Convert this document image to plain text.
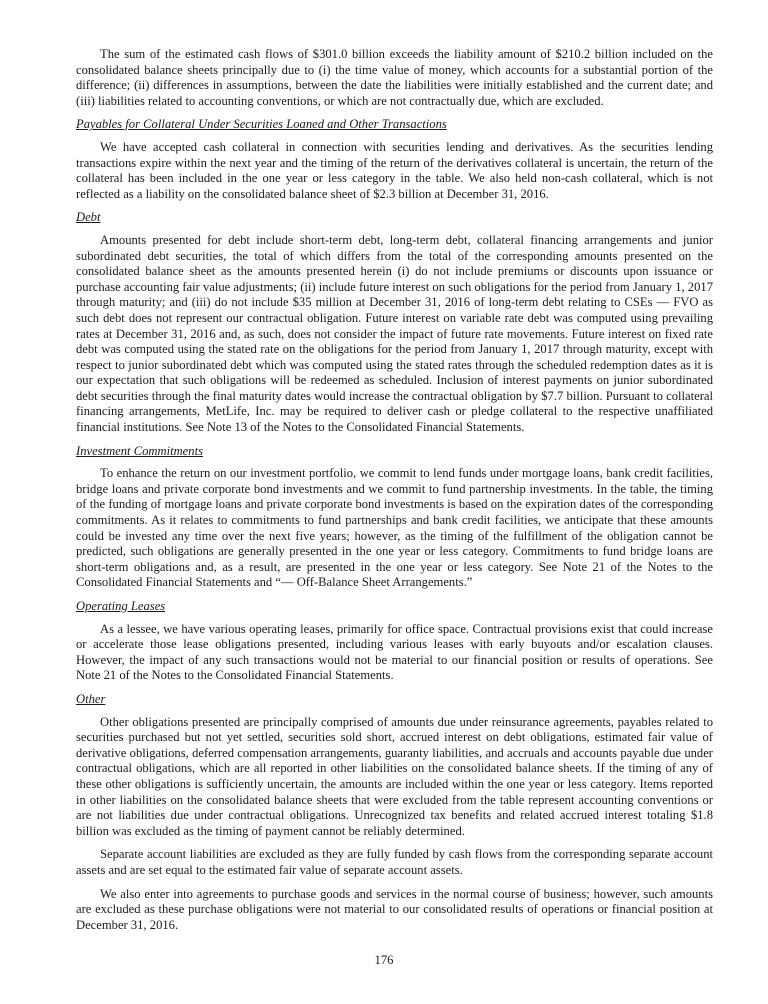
The sum of the estimated cash flows of $301.0 billion exceeds the liability amount of $210.2 billion included on the consolidated balance sheets principally due to (i) the time value of money, which accounts for a substantial portion of the difference; (ii) differences in assumptions, between the date the liabilities were initially established and the current date; and (iii) liabilities related to accounting conventions, or which are not contractually due, which are excluded.

Payables for Collateral Under Securities Loaned and Other Transactions

We have accepted cash collateral in connection with securities lending and derivatives. As the securities lending transactions expire within the next year and the timing of the return of the derivatives collateral is uncertain, the return of the collateral has been included in the one year or less category in the table. We also held non-cash collateral, which is not reflected as a liability on the consolidated balance sheet of $2.3 billion at December 31, 2016.

Debt

Amounts presented for debt include short-term debt, long-term debt, collateral financing arrangements and junior subordinated debt securities, the total of which differs from the total of the corresponding amounts presented on the consolidated balance sheet as the amounts presented herein (i) do not include premiums or discounts upon issuance or purchase accounting fair value adjustments; (ii) include future interest on such obligations for the period from January 1, 2017 through maturity; and (iii) do not include $35 million at December 31, 2016 of long-term debt relating to CSEs — FVO as such debt does not represent our contractual obligation. Future interest on variable rate debt was computed using prevailing rates at December 31, 2016 and, as such, does not consider the impact of future rate movements. Future interest on fixed rate debt was computed using the stated rate on the obligations for the period from January 1, 2017 through maturity, except with respect to junior subordinated debt which was computed using the stated rates through the scheduled redemption dates as it is our expectation that such obligations will be redeemed as scheduled. Inclusion of interest payments on junior subordinated debt securities through the final maturity dates would increase the contractual obligation by $7.7 billion. Pursuant to collateral financing arrangements, MetLife, Inc. may be required to deliver cash or pledge collateral to the respective unaffiliated financial institutions. See Note 13 of the Notes to the Consolidated Financial Statements.

Investment Commitments

To enhance the return on our investment portfolio, we commit to lend funds under mortgage loans, bank credit facilities, bridge loans and private corporate bond investments and we commit to fund partnership investments. In the table, the timing of the funding of mortgage loans and private corporate bond investments is based on the expiration dates of the corresponding commitments. As it relates to commitments to fund partnerships and bank credit facilities, we anticipate that these amounts could be invested any time over the next five years; however, as the timing of the fulfillment of the obligation cannot be predicted, such obligations are generally presented in the one year or less category. Commitments to fund bridge loans are short-term obligations and, as a result, are presented in the one year or less category. See Note 21 of the Notes to the Consolidated Financial Statements and “— Off-Balance Sheet Arrangements.”

Operating Leases

As a lessee, we have various operating leases, primarily for office space. Contractual provisions exist that could increase or accelerate those lease obligations presented, including various leases with early buyouts and/or escalation clauses. However, the impact of any such transactions would not be material to our financial position or results of operations. See Note 21 of the Notes to the Consolidated Financial Statements.

Other

Other obligations presented are principally comprised of amounts due under reinsurance agreements, payables related to securities purchased but not yet settled, securities sold short, accrued interest on debt obligations, estimated fair value of derivative obligations, deferred compensation arrangements, guaranty liabilities, and accruals and accounts payable due under contractual obligations, which are all reported in other liabilities on the consolidated balance sheets. If the timing of any of these other obligations is sufficiently uncertain, the amounts are included within the one year or less category. Items reported in other liabilities on the consolidated balance sheets that were excluded from the table represent accounting conventions or are not liabilities due under contractual obligations. Unrecognized tax benefits and related accrued interest totaling $1.8 billion was excluded as the timing of payment cannot be reliably determined.

Separate account liabilities are excluded as they are fully funded by cash flows from the corresponding separate account assets and are set equal to the estimated fair value of separate account assets.

We also enter into agreements to purchase goods and services in the normal course of business; however, such amounts are excluded as these purchase obligations were not material to our consolidated results of operations or financial position at December 31, 2016.

176
